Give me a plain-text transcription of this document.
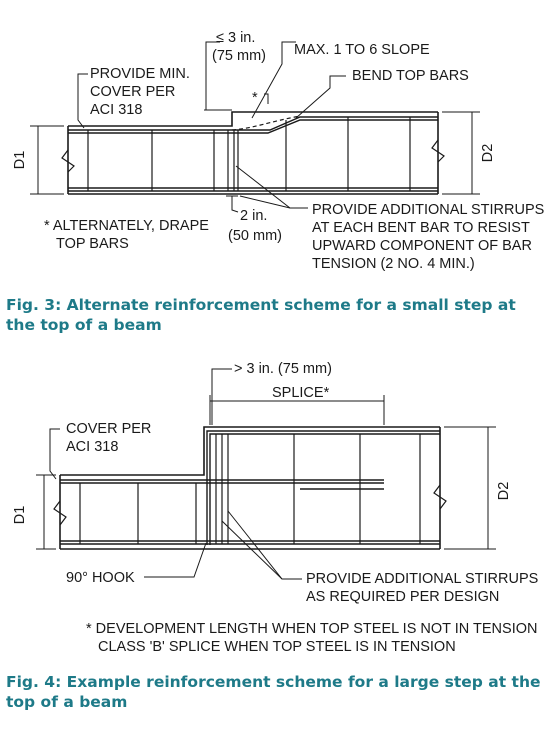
D1	D2
≤ 3 in.
(75 mm) MAX. 1 TO 6 SLOPE
BEND TOP BARS
*
PROVIDE MIN.
COVER PER
ACI 318
2 in.
(50 mm)
* ALTERNATELY, DRAPE
TOP BARS
PROVIDE ADDITIONAL STIRRUPS
AT EACH BENT BAR TO RESIST
UPWARD COMPONENT OF BAR
TENSION (2 NO. 4 MIN.)
Fig. 3: Alternate reinforcement scheme for a small step at the top of a beam
> 3 in. (75 mm)
SPLICE*
COVER PER
ACI 318
D1
D2
90° HOOK	PROVIDE ADDITIONAL STIRRUPS
AS REQUIRED PER DESIGN
* DEVELOPMENT LENGTH WHEN TOP STEEL IS NOT IN TENSION
CLASS 'B' SPLICE WHEN TOP STEEL IS IN TENSION
Fig. 4: Example reinforcement scheme for a large step at the top of a beam
